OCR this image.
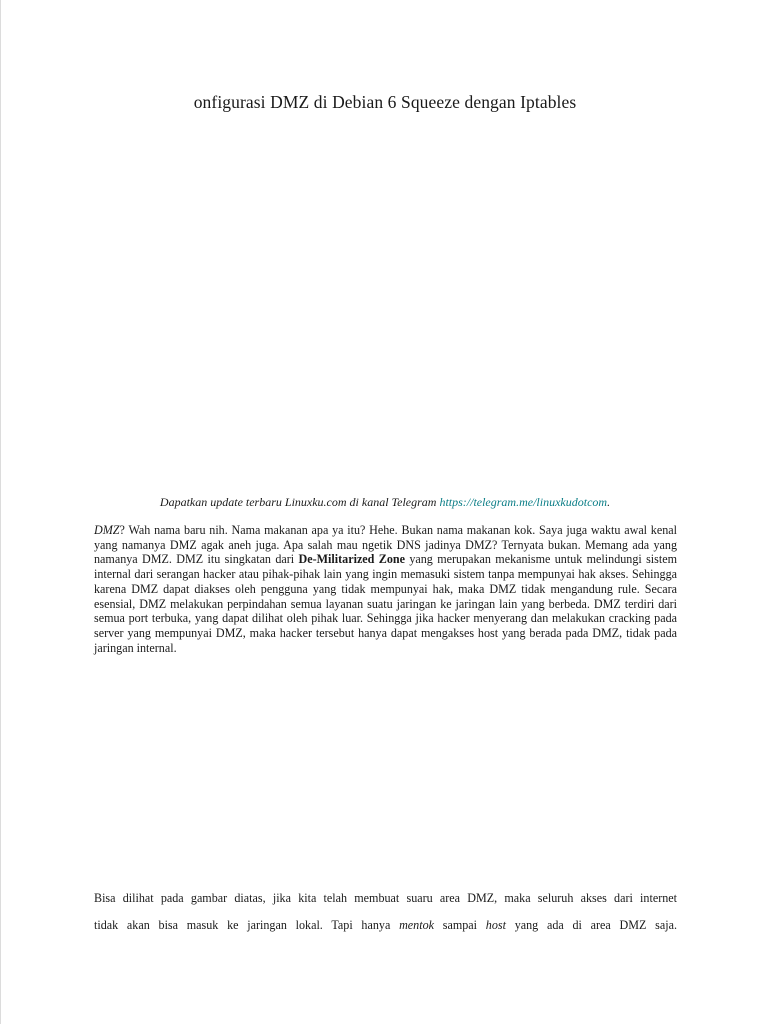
onfigurasi DMZ di Debian 6 Squeeze dengan Iptables

Dapatkan update terbaru Linuxku.com di kanal Telegram https://telegram.me/linuxkudotcom.

DMZ? Wah nama baru nih. Nama makanan apa ya itu? Hehe. Bukan nama makanan kok. Saya juga waktu awal kenal yang namanya DMZ agak aneh juga. Apa salah mau ngetik DNS jadinya DMZ? Ternyata bukan. Memang ada yang namanya DMZ. DMZ itu singkatan dari De-Militarized Zone yang merupakan mekanisme untuk melindungi sistem internal dari serangan hacker atau pihak-pihak lain yang ingin memasuki sistem tanpa mempunyai hak akses. Sehingga karena DMZ dapat diakses oleh pengguna yang tidak mempunyai hak, maka DMZ tidak mengandung rule. Secara esensial, DMZ melakukan perpindahan semua layanan suatu jaringan ke jaringan lain yang berbeda. DMZ terdiri dari semua port terbuka, yang dapat dilihat oleh pihak luar. Sehingga jika hacker menyerang dan melakukan cracking pada server yang mempunyai DMZ, maka hacker tersebut hanya dapat mengakses host yang berada pada DMZ, tidak pada jaringan internal.

Bisa dilihat pada gambar diatas, jika kita telah membuat suaru area DMZ, maka seluruh akses dari internet
tidak akan bisa masuk ke jaringan lokal. Tapi hanya mentok sampai host yang ada di area DMZ saja.
